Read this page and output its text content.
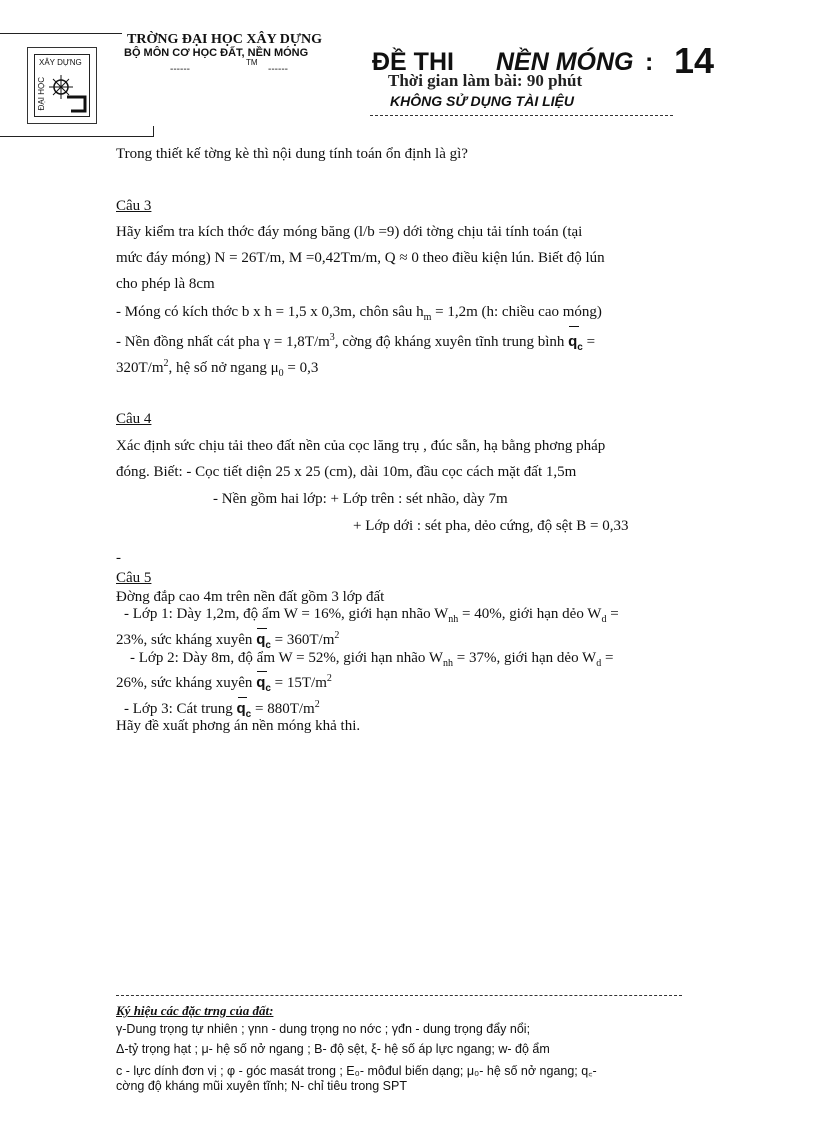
XÂY DỰNG
ĐẠI HỌC
TRỜNG ĐẠI HỌC XÂY DỰNG
BỘ MÔN CƠ HỌC ĐẤT, NỀN MÓNG
------
TM
------	ĐỀ THI NỀN MÓNG : 14
Thời gian làm bài: 90 phút
KHÔNG SỬ DỤNG TÀI LIỆU
Trong thiết kế tờng kè thì nội dung tính toán ổn định là gì?
Câu 3
Hãy kiểm tra kích thớc đáy móng băng (l/b =9) dới tờng chịu tải tính toán (tại
mức đáy móng) N = 26T/m, M =0,42Tm/m, Q ≈ 0 theo điều kiện lún. Biết độ lún
cho phép là 8cm
- Móng có kích thớc b x h = 1,5 x 0,3m, chôn sâu $h_m = 1,2m$ (h: chiều cao móng)
- Nền đồng nhất cát pha $\gamma = 1,8T/m^3$, cờng độ kháng xuyên tĩnh trung bình $q_c$ =
$320T/m^2$, hệ số nở ngang $\mu_0 = 0,3$
Câu 4
Xác định sức chịu tải theo đất nền của cọc lăng trụ , đúc sẵn, hạ bằng phơng pháp
đóng. Biết: - Cọc tiết diện 25 x 25 (cm), dài 10m, đầu cọc cách mặt đất 1,5m
- Nền gồm hai lớp: + Lớp trên : sét nhão, dày 7m
+ Lớp dới : sét pha, dẻo cứng, độ sệt B = 0,33
-
Câu 5
Đờng đắp cao 4m trên nền đất gồm 3 lớp đất
- Lớp 1: Dày 1,2m, độ ẩm W = 16%, giới hạn nhão $W_{nh} = 40\%$, giới hạn dẻo $W_d$ =
23%, sức kháng xuyên $q_c = 360T/m^2$
- Lớp 2: Dày 8m, độ ẩm W = 52%, giới hạn nhão $W_{nh} = 37\%$, giới hạn dẻo $W_d$ =
26%, sức kháng xuyên $q_c = 15T/m^2$
- Lớp 3: Cát trung $q_c = 880T/m^2$
Hãy đề xuất phơng án nền móng khả thi.
Ký hiệu các đặc trng của đất:
γ-Dung trọng tự nhiên ; γnn - dung trọng no nớc ; γđn - dung trọng đẩy nổi;
Δ-tỷ trọng hạt ; μ- hệ số nở ngang ; B- độ sệt, ξ- hệ số áp lực ngang; w- độ ẩm
c - lực dính đơn vị ; φ - góc masát trong ; E₀- môđul biến dạng; μ₀- hệ số nở ngang; q꜀-
cờng độ kháng mũi xuyên tĩnh; N- chỉ tiêu trong SPT
